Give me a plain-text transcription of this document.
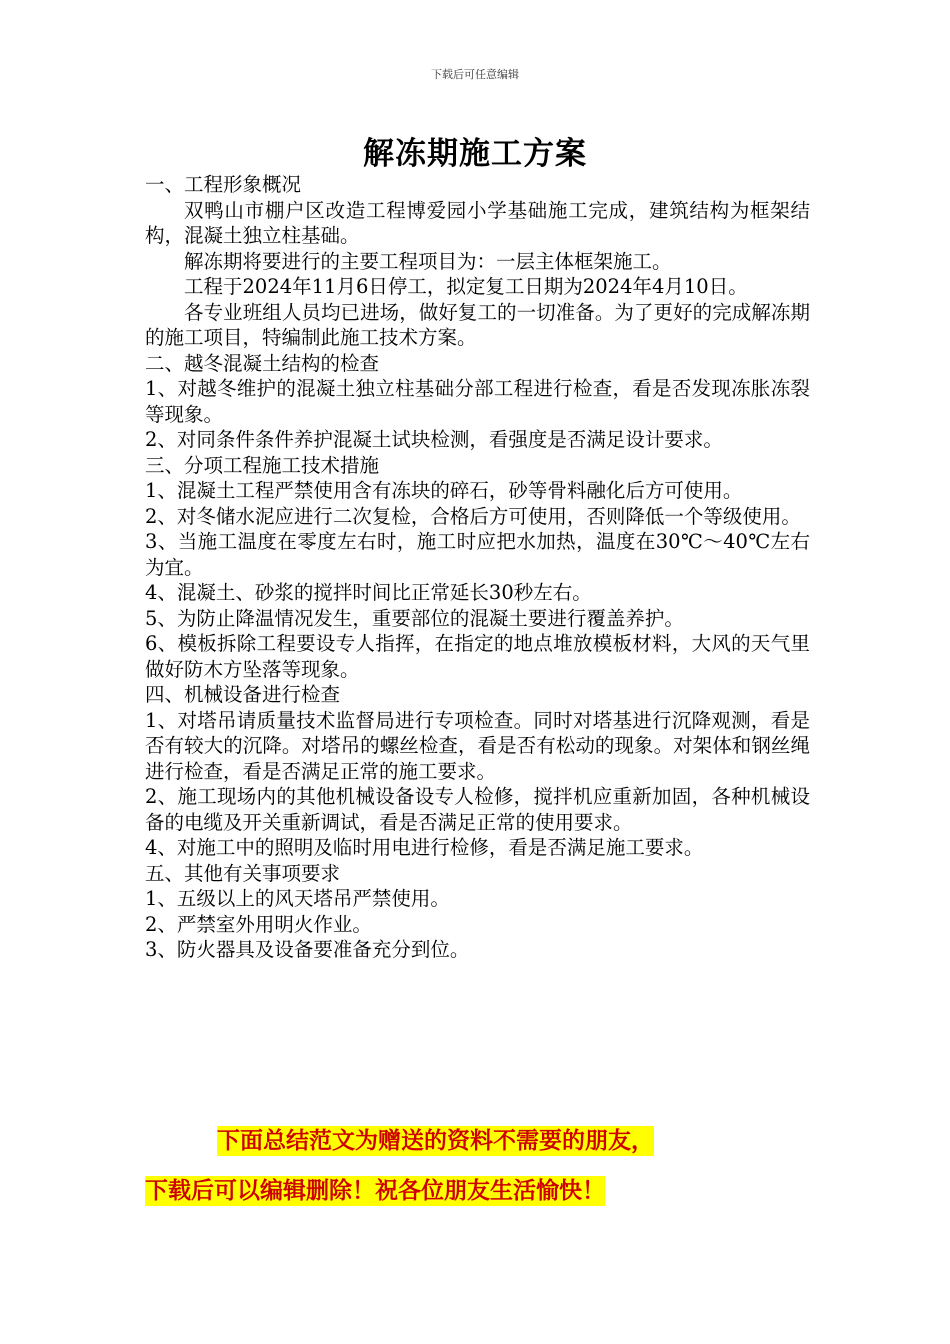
下载后可任意编辑
解冻期施工方案

一、工程形象概况

双鸭山市棚户区改造工程博爱园小学基础施工完成，建筑结构为框架结构，混凝土独立柱基础。

解冻期将要进行的主要工程项目为：一层主体框架施工。

工程于2024年11月6日停工，拟定复工日期为2024年4月10日。

各专业班组人员均已进场，做好复工的一切准备。为了更好的完成解冻期的施工项目，特编制此施工技术方案。

二、越冬混凝土结构的检查

1、对越冬维护的混凝土独立柱基础分部工程进行检查，看是否发现冻胀冻裂等现象。

2、对同条件条件养护混凝土试块检测，看强度是否满足设计要求。

三、分项工程施工技术措施

1、混凝土工程严禁使用含有冻块的碎石，砂等骨料融化后方可使用。

2、对冬储水泥应进行二次复检，合格后方可使用，否则降低一个等级使用。

3、当施工温度在零度左右时，施工时应把水加热，温度在30℃～40℃左右为宜。

4、混凝土、砂浆的搅拌时间比正常延长30秒左右。

5、为防止降温情况发生，重要部位的混凝土要进行覆盖养护。

6、模板拆除工程要设专人指挥，在指定的地点堆放模板材料，大风的天气里做好防木方坠落等现象。

四、机械设备进行检查

1、对塔吊请质量技术监督局进行专项检查。同时对塔基进行沉降观测，看是否有较大的沉降。对塔吊的螺丝检查，看是否有松动的现象。对架体和钢丝绳进行检查，看是否满足正常的施工要求。

2、施工现场内的其他机械设备设专人检修，搅拌机应重新加固，各种机械设备的电缆及开关重新调试，看是否满足正常的使用要求。

4、对施工中的照明及临时用电进行检修，看是否满足施工要求。

五、其他有关事项要求

1、五级以上的风天塔吊严禁使用。

2、严禁室外用明火作业。

3、防火器具及设备要准备充分到位。

下面总结范文为赠送的资料不需要的朋友，
下载后可以编辑删除！祝各位朋友生活愉快！
